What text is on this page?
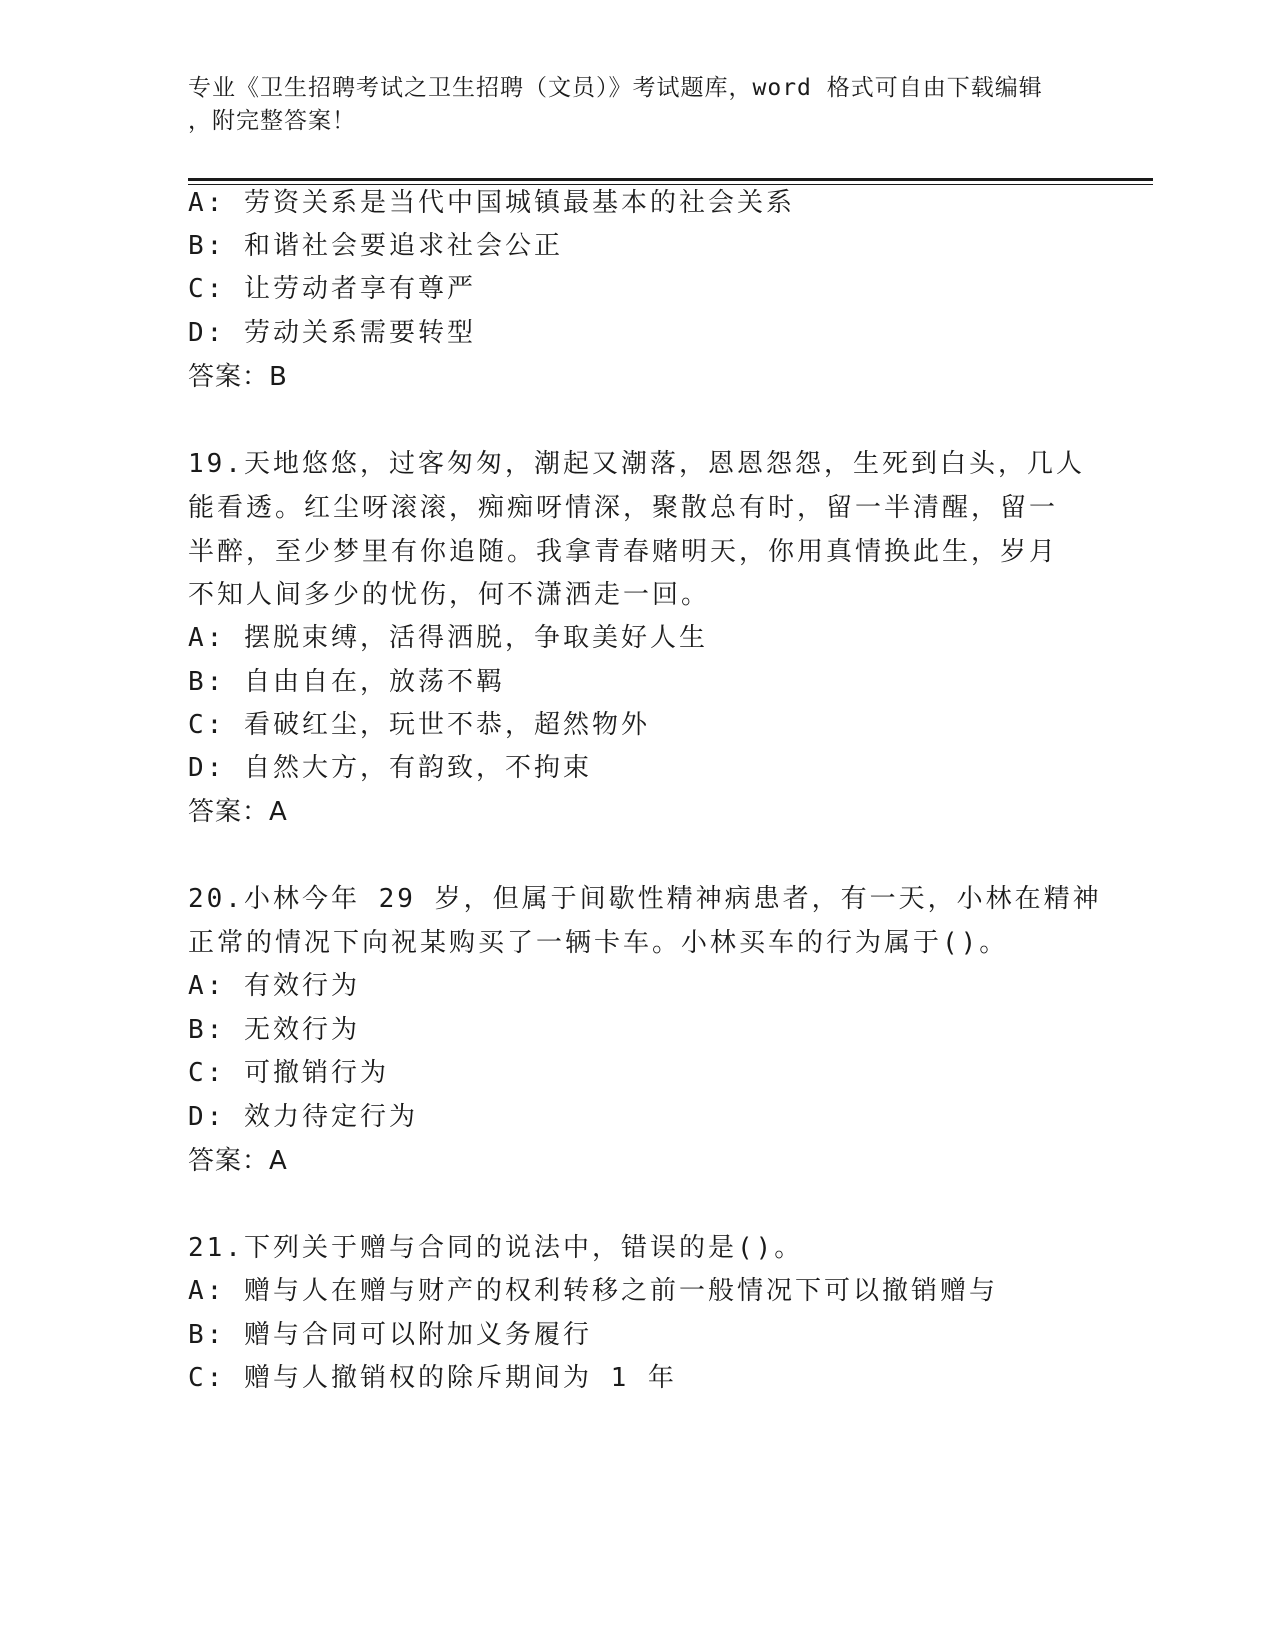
专业《卫生招聘考试之卫生招聘（文员）》考试题库，word 格式可自由下载编辑
，附完整答案！
A: 劳资关系是当代中国城镇最基本的社会关系
B: 和谐社会要追求社会公正
C: 让劳动者享有尊严
D: 劳动关系需要转型
答案：B
19.天地悠悠，过客匆匆，潮起又潮落，恩恩怨怨，生死到白头，几人
能看透。红尘呀滚滚，痴痴呀情深，聚散总有时，留一半清醒，留一
半醉，至少梦里有你追随。我拿青春赌明天，你用真情换此生，岁月
不知人间多少的忧伤，何不潇洒走一回。
A: 摆脱束缚，活得洒脱，争取美好人生
B: 自由自在，放荡不羁
C: 看破红尘，玩世不恭，超然物外
D: 自然大方，有韵致，不拘束
答案：A
20.小林今年 29 岁，但属于间歇性精神病患者，有一天，小林在精神
正常的情况下向祝某购买了一辆卡车。小林买车的行为属于()。
A: 有效行为
B: 无效行为
C: 可撤销行为
D: 效力待定行为
答案：A
21.下列关于赠与合同的说法中，错误的是()。
A: 赠与人在赠与财产的权利转移之前一般情况下可以撤销赠与
B: 赠与合同可以附加义务履行
C: 赠与人撤销权的除斥期间为 1 年
